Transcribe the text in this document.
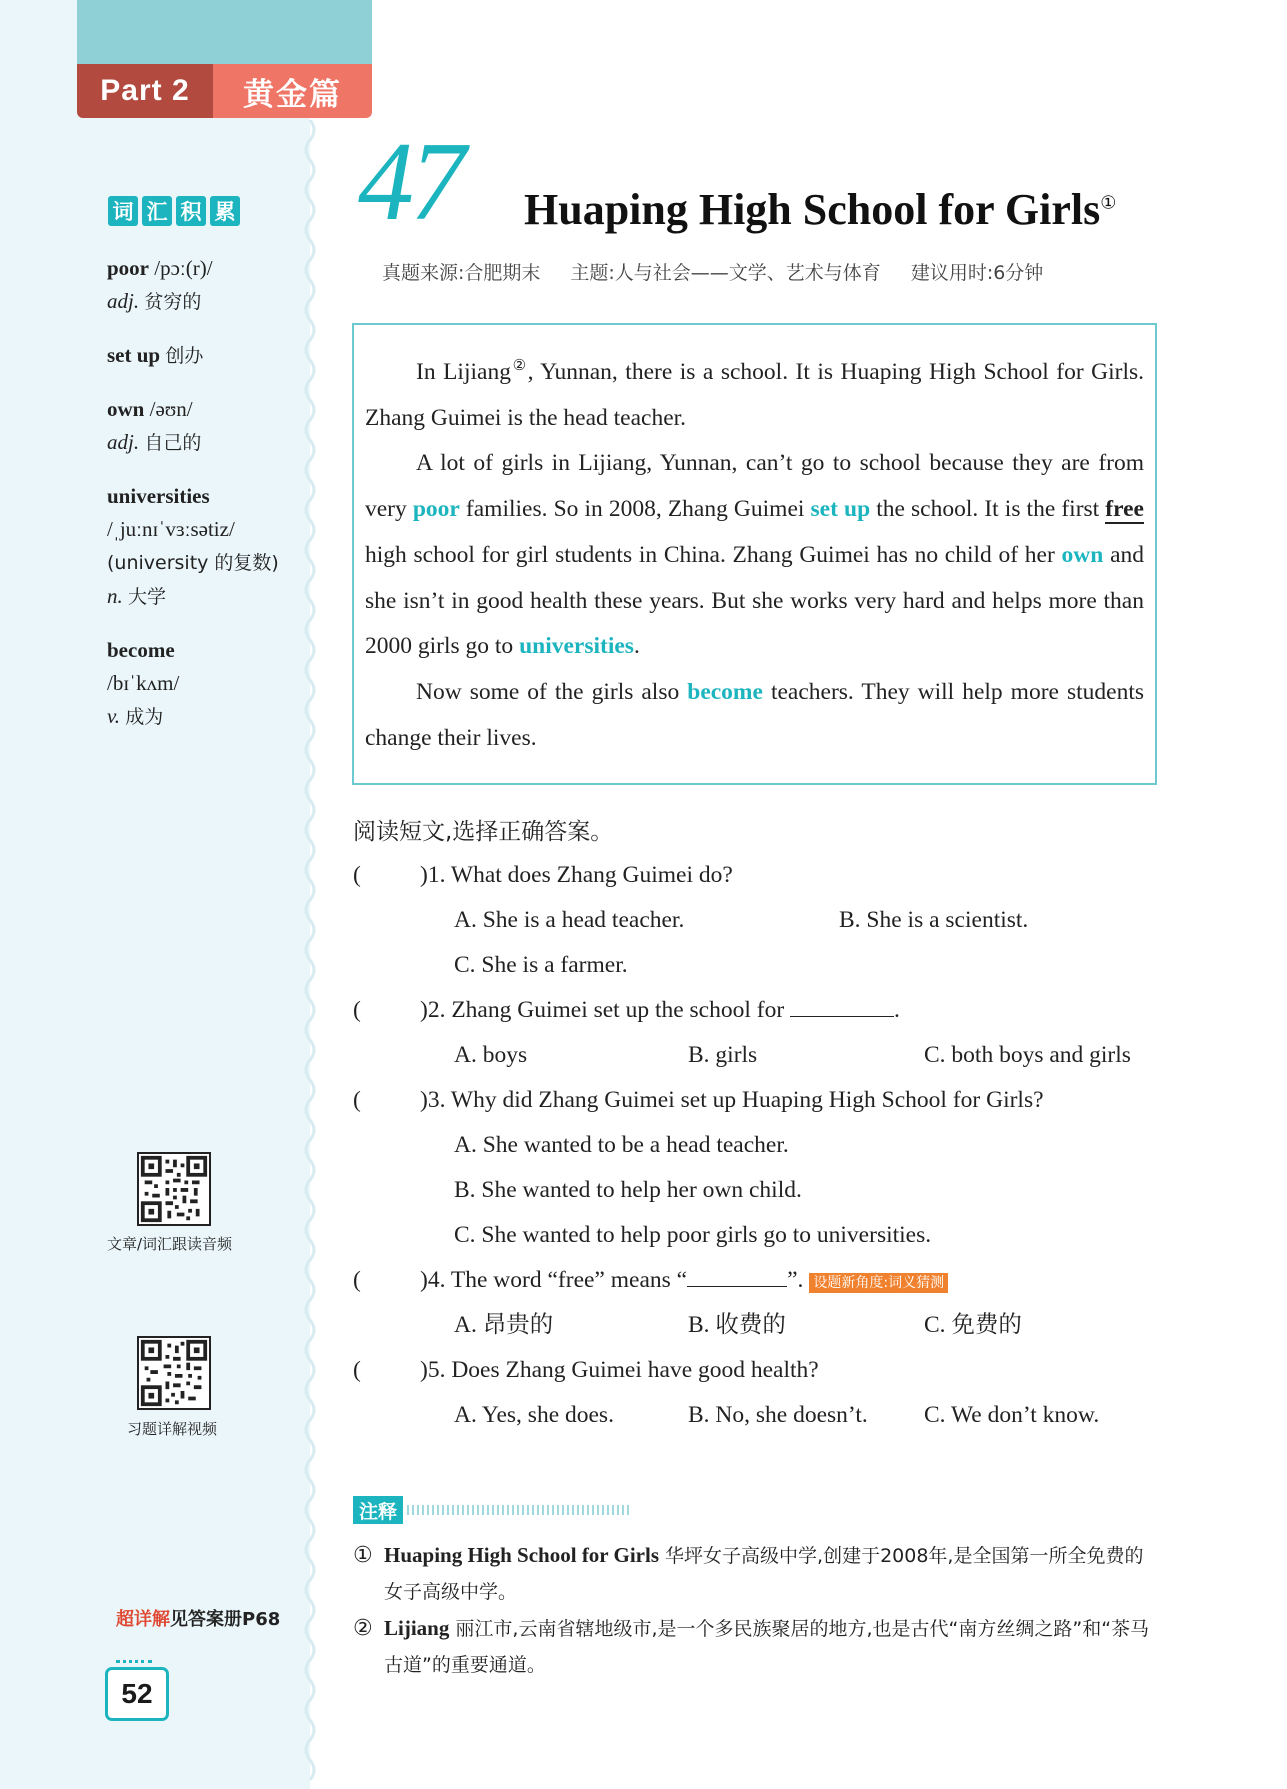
Part 2	黄金篇
词 汇 积 累
poor /pɔː(r)/
adj. 贫穷的
set up 创办
own /əʊn/
adj. 自己的
universities
/ˌjuːnɪˈvɜːsətiz/
(university 的复数)
n. 大学
become
/bɪˈkʌm/
v. 成为
文章/词汇跟读音频
习题详解视频
超详解见答案册P68
52
47 Huaping High School for Girls①
真题来源:合肥期末 主题:人与社会——文学、艺术与体育 建议用时:6分钟

In Lijiang②, Yunnan, there is a school. It is Huaping High School for Girls. Zhang Guimei is the head teacher.

A lot of girls in Lijiang, Yunnan, can’t go to school because they are from very poor families. So in 2008, Zhang Guimei set up the school. It is the first free high school for girl students in China. Zhang Guimei has no child of her own and she isn’t in good health these years. But she works very hard and helps more than 2000 girls go to universities.

Now some of the girls also become teachers. They will help more students change their lives.

阅读短文,选择正确答案。
(	)1. What does Zhang Guimei do?
A. She is a head teacher.	B. She is a scientist.
C. She is a farmer.
(	)2. Zhang Guimei set up the school for	.
A. boys	B. girls	C. both boys and girls
(	)3. Why did Zhang Guimei set up Huaping High School for Girls?
A. She wanted to be a head teacher.
B. She wanted to help her own child.
C. She wanted to help poor girls go to universities.
(	)4. The word “free” means “	”. 设题新角度:词义猜测
A. 昂贵的	B. 收费的	C. 免费的
(	)5. Does Zhang Guimei have good health?
A. Yes, she does.	B. No, she doesn’t. C. We don’t know.
注释
① Huaping High School for Girls 华坪女子高级中学,创建于2008年,是全国第一所全免费的女子高级中学。
② Lijiang 丽江市,云南省辖地级市,是一个多民族聚居的地方,也是古代“南方丝绸之路”和“茶马古道”的重要通道。
